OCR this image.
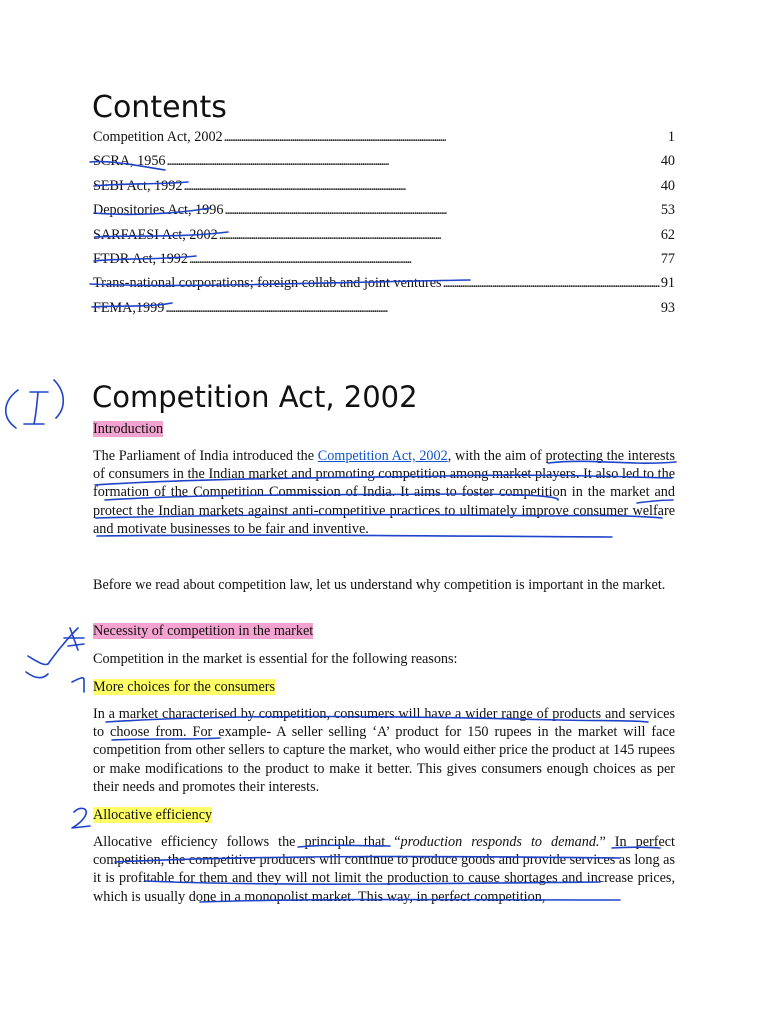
Contents
Competition Act, 2002 . . .	1
SCRA, 1956 . . .	40
SEBI Act, 1992 . . .	40
Depositories Act, 1996 . . .	53
SARFAESI Act, 2002 . . .	62
FTDR Act, 1992 . . .	77
Trans-national corporations; foreign collab and joint ventures . . .	91
FEMA,1999 . . .	93
Competition Act, 2002

Introduction

The Parliament of India introduced the Competition Act, 2002, with the aim of protecting the interests of consumers in the Indian market and promoting competition among market players. It also led to the formation of the Competition Commission of India. It aims to foster competition in the market and protect the Indian markets against anti-competitive practices to ultimately improve consumer welfare and motivate businesses to be fair and inventive.

Before we read about competition law, let us understand why competition is important in the market.

Necessity of competition in the market

Competition in the market is essential for the following reasons:

More choices for the consumers

In a market characterised by competition, consumers will have a wider range of products and services to choose from. For example- A seller selling ‘A’ product for 150 rupees in the market will face competition from other sellers to capture the market, who would either price the product at 145 rupees or make modifications to the product to make it better. This gives consumers enough choices as per their needs and promotes their interests.

Allocative efficiency

Allocative efficiency follows the principle that “production responds to demand.” In perfect competition, the competitive producers will continue to produce goods and provide services as long as it is profitable for them and they will not limit the production to cause shortages and increase prices, which is usually done in a monopolist market. This way, in perfect competition,
